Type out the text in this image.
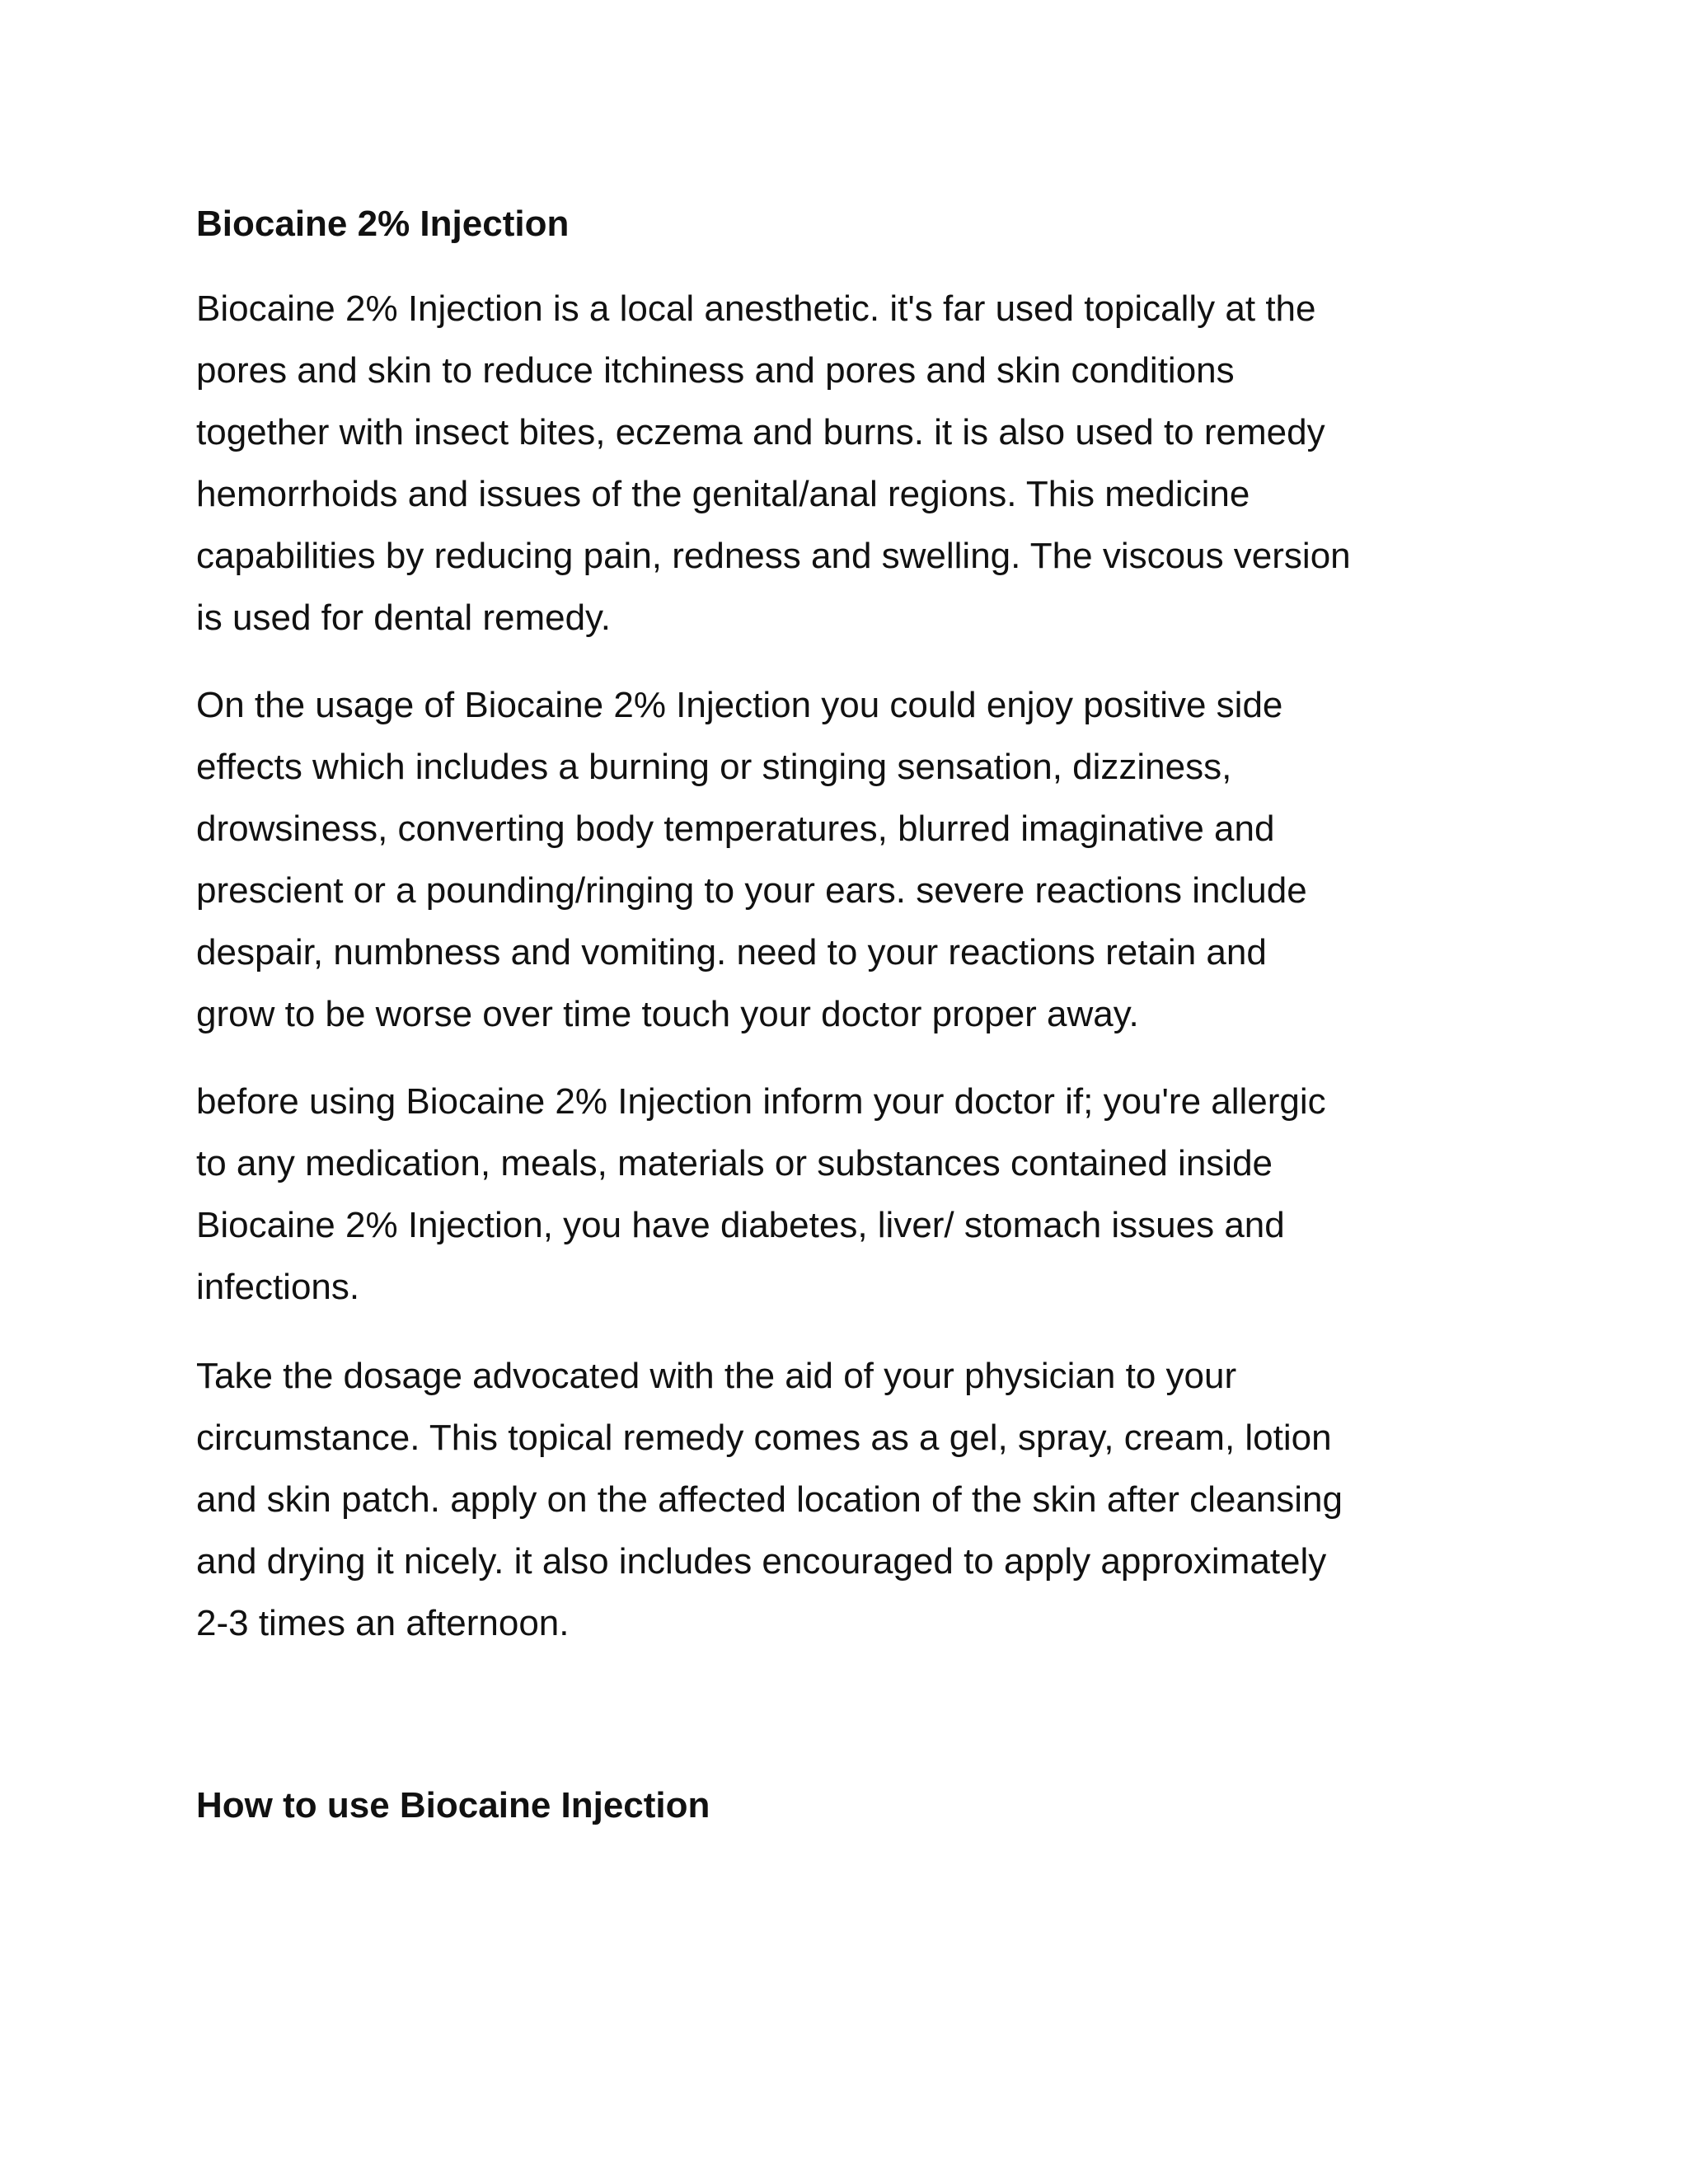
Biocaine 2% Injection
Biocaine 2% Injection is a local anesthetic. it's far used topically at the
pores and skin to reduce itchiness and pores and skin conditions
together with insect bites, eczema and burns. it is also used to remedy
hemorrhoids and issues of the genital/anal regions. This medicine
capabilities by reducing pain, redness and swelling. The viscous version
is used for dental remedy.
On the usage of Biocaine 2% Injection you could enjoy positive side
effects which includes a burning or stinging sensation, dizziness,
drowsiness, converting body temperatures, blurred imaginative and
prescient or a pounding/ringing to your ears. severe reactions include
despair, numbness and vomiting. need to your reactions retain and
grow to be worse over time touch your doctor proper away.
before using Biocaine 2% Injection inform your doctor if; you're allergic
to any medication, meals, materials or substances contained inside
Biocaine 2% Injection, you have diabetes, liver/ stomach issues and
infections.
Take the dosage advocated with the aid of your physician to your
circumstance. This topical remedy comes as a gel, spray, cream, lotion
and skin patch. apply on the affected location of the skin after cleansing
and drying it nicely. it also includes encouraged to apply approximately
2-3 times an afternoon.
How to use Biocaine Injection
